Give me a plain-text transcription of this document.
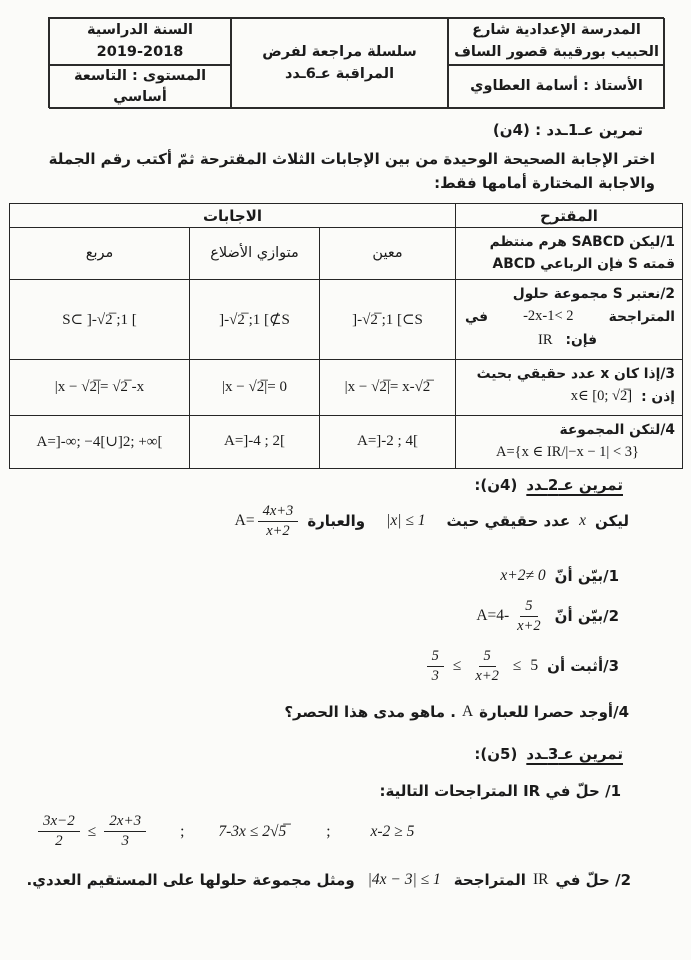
السنة الدراسية
2019-2018
المستوى : التاسعة أساسي
سلسلة مراجعة لفرض
المراقبة عـ6ـدد
المدرسة الإعدادية شارع
الحبيب بورقيبة قصور الساف
الأستاذ : أسامة العطاوي
تمرين عـ1ـدد : (4ن)
اختر الإجابة الصحيحة الوحيدة من بين الإجابات الثلاث المقترحة ثمّ أكتب رقم الجملة
والاجابة المختارة أمامها فقط:
المقترح	الاجابات		

1/ليكن SABCD هرم منتظم
قمته S فإن الرباعي ABCD	معين	متوازي الأضلاع	مربع

2/نعتبر S مجموعة حلول
المتراجحة
-2x-1< 2
في
IR فإن:
	]-√2̅ ;1 [⊂S	]-√2̅ ;1 [⊄S	S⊂ ]-√2̅ ;1 [

3/إذا كان x عدد حقيقي بحيث
x∈ [0; √2̅] إذن :	|x − √2̅|= x-√2̅	|x − √2̅|= 0	|x − √2̅|= √2̅ -x

4/لتكن المجموعة
A={x ∈ IR/|−x − 1| < 3}	A=]-2 ; 4[	A=]-4 ; 2[	A=]-∞; −4[∪]2; +∞[
تمرين عـ2ـدد
(4ن):
ليكن
x
عدد حقيقي حيث
|x| ≤ 1
والعبارة
$A= \frac{4x+3}{x+2}$
1/بيّن أنّ
x+2≠ 0
2/بيّن أنّ
$A=4- \frac{5}{x+2}$
3/أثبت أن
5
≤
$\frac{5}{x+2}$
≤
$\frac{5}{3}$
4/أوجد حصرا للعبارة
A
. ماهو مدى هذا الحصر؟
تمرين عـ3ـدد
(5ن):
1/ حلّ في IR المتراجحات التالية:
$\frac{3x-2}{2} \le \frac{2x+3}{3}$ ; 7-3x ≤ 2√5̅	;	x-2 ≥ 5
2/ حلّ في
IR
المتراجحة
|4x − 3| ≤ 1
ومثل مجموعة حلولها على المستقيم العددي.
